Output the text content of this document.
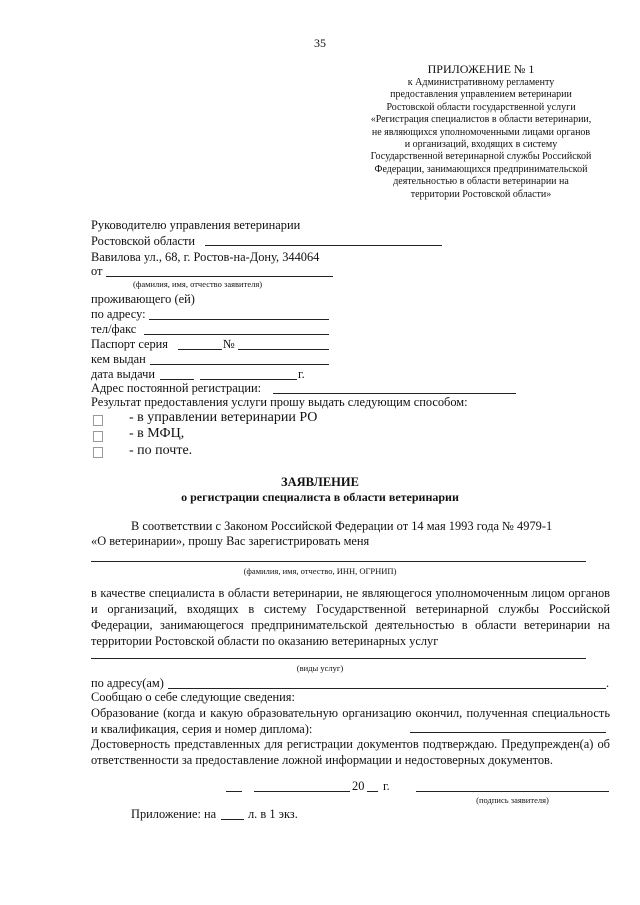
35
ПРИЛОЖЕНИЕ № 1
к Административному регламенту
предоставления управлением ветеринарии
Ростовской области государственной услуги
«Регистрация специалистов в области ветеринарии,
не являющихся уполномоченными лицами органов
и организаций, входящих в систему
Государственной ветеринарной службы Российской
Федерации, занимающихся предпринимательской
деятельностью в области ветеринарии на
территории Ростовской области»
Руководителю управления ветеринарии
Ростовской области
Вавилова ул., 68, г. Ростов-на-Дону, 344064
от
(фамилия, имя, отчество заявителя)
проживающего (ей)
по адресу:
тел/факс
Паспорт серия	№
кем выдан
дата выдачи	г.
Адрес постоянной регистрации:
Результат предоставления услуги прошу выдать следующим способом:
- в управлении ветеринарии РО
- в МФЦ,
- по почте.
ЗАЯВЛЕНИЕ
о регистрации специалиста в области ветеринарии
В соответствии с Законом Российской Федерации от 14 мая 1993 года № 4979-1
«О ветеринарии», прошу Вас зарегистрировать меня
(фамилия, имя, отчество, ИНН, ОГРНИП)
в качестве специалиста в области ветеринарии, не являющегося уполномоченным лицом органов и организаций, входящих в систему Государственной ветеринарной службы Российской Федерации, занимающегося предпринимательской деятельностью в области ветеринарии на территории Ростовской области по оказанию ветеринарных услуг
(виды услуг)
по адресу(ам)	.
Сообщаю о себе следующие сведения:
Образование (когда и какую образовательную организацию окончил, полученная специальность и квалификация, серия и номер диплома):
Достоверность представленных для регистрации документов подтверждаю. Предупрежден(а) об ответственности за предоставление ложной информации и недостоверных документов.
20 г.
(подпись заявителя)
Приложение: на	л. в 1 экз.
